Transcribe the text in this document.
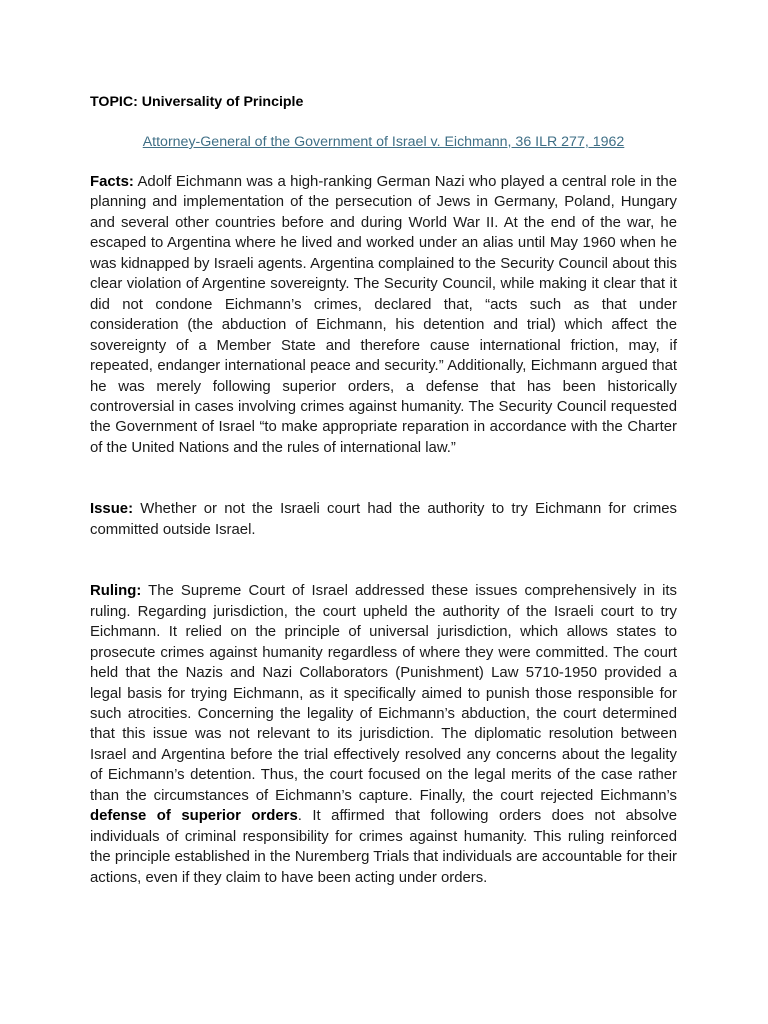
TOPIC: Universality of Principle

Attorney-General of the Government of Israel v. Eichmann, 36 ILR 277, 1962

Facts: Adolf Eichmann was a high-ranking German Nazi who played a central role in the planning and implementation of the persecution of Jews in Germany, Poland, Hungary and several other countries before and during World War II. At the end of the war, he escaped to Argentina where he lived and worked under an alias until May 1960 when he was kidnapped by Israeli agents. Argentina complained to the Security Council about this clear violation of Argentine sovereignty. The Security Council, while making it clear that it did not condone Eichmann’s crimes, declared that, “acts such as that under consideration (the abduction of Eichmann, his detention and trial) which affect the sovereignty of a Member State and therefore cause international friction, may, if repeated, endanger international peace and security.” Additionally, Eichmann argued that he was merely following superior orders, a defense that has been historically controversial in cases involving crimes against humanity. The Security Council requested the Government of Israel “to make appropriate reparation in accordance with the Charter of the United Nations and the rules of international law.”

Issue: Whether or not the Israeli court had the authority to try Eichmann for crimes committed outside Israel.

Ruling: The Supreme Court of Israel addressed these issues comprehensively in its ruling. Regarding jurisdiction, the court upheld the authority of the Israeli court to try Eichmann. It relied on the principle of universal jurisdiction, which allows states to prosecute crimes against humanity regardless of where they were committed. The court held that the Nazis and Nazi Collaborators (Punishment) Law 5710-1950 provided a legal basis for trying Eichmann, as it specifically aimed to punish those responsible for such atrocities. Concerning the legality of Eichmann’s abduction, the court determined that this issue was not relevant to its jurisdiction. The diplomatic resolution between Israel and Argentina before the trial effectively resolved any concerns about the legality of Eichmann’s detention. Thus, the court focused on the legal merits of the case rather than the circumstances of Eichmann’s capture. Finally, the court rejected Eichmann’s defense of superior orders. It affirmed that following orders does not absolve individuals of criminal responsibility for crimes against humanity. This ruling reinforced the principle established in the Nuremberg Trials that individuals are accountable for their actions, even if they claim to have been acting under orders.
